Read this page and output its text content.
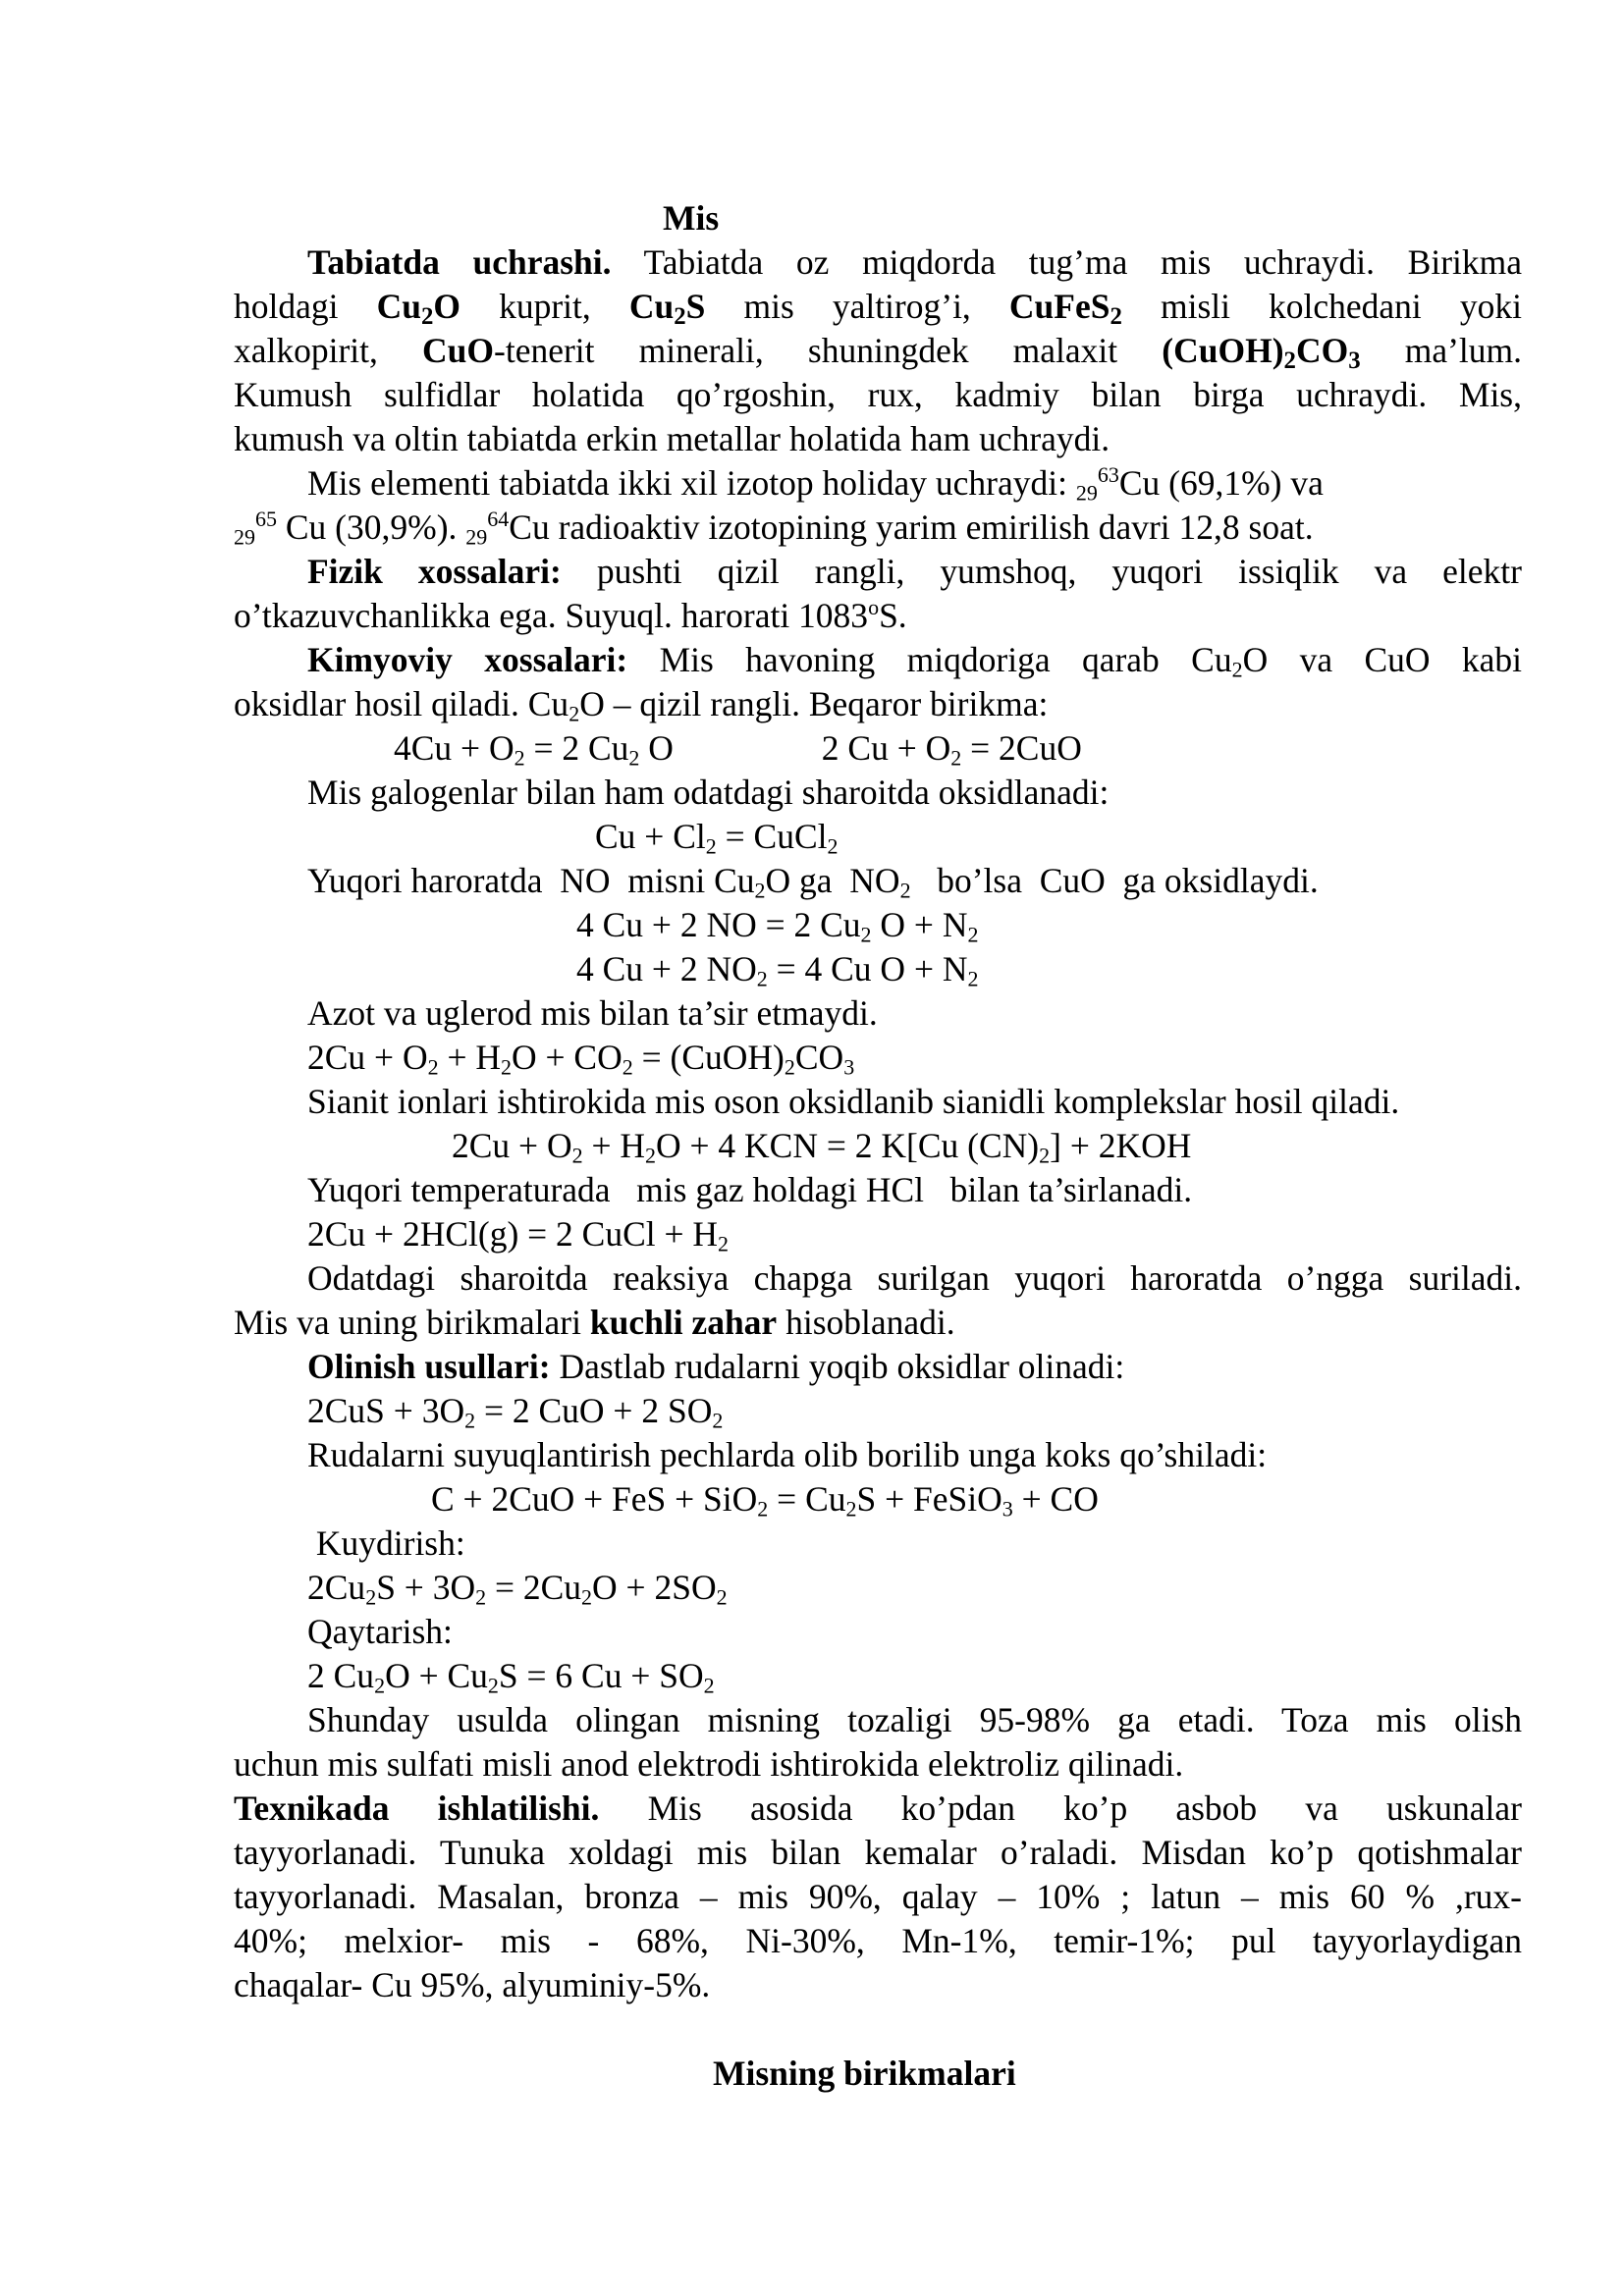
Mis

Tabiatda uchrashi. Tabiatda oz miqdorda tug’ma mis uchraydi. Birikma

holdagi $Cu_2O$ kuprit, $Cu_2S$ mis yaltirog’i, CuFeS$_2$ misli kolchedani yoki

xalkopirit, CuO-tenerit minerali, shuningdek malaxit $(CuOH)_2CO_3$ ma’lum.

Kumush sulfidlar holatida qo’rgoshin, rux, kadmiy bilan birga uchraydi. Mis,

kumush va oltin tabiatda erkin metallar holatida ham uchraydi.

Mis elementi tabiatda ikki xil izotop holiday uchraydi: $_{29}^{63}$Cu (69,1%) va

$_{29}^{65}$ Cu (30,9%). $_{29}^{64}$Cu radioaktiv izotopining yarim emirilish davri 12,8 soat.

Fizik xossalari: pushti qizil rangli, yumshoq, yuqori issiqlik va elektr

o’tkazuvchanlikka ega. Suyuql. harorati 1083$^o$S.

Kimyoviy xossalari: Mis havoning miqdoriga qarab $Cu_2O$ va CuO kabi

oksidlar hosil qiladi. $Cu_2O$ – qizil rangli. Beqaror birikma:

$4Cu + O_2 = 2$ $Cu_2$ O                 2 $Cu + O_2 = 2CuO$

Mis galogenlar bilan ham odatdagi sharoitda oksidlanadi:

$Cu + Cl_2$ = CuCl$_2$

Yuqori haroratda  NO  misni $Cu_2O$ ga  $NO_2$   bo’lsa  CuO  ga oksidlaydi.

4 Cu + 2 NO = 2 $Cu_2$ $O + N_2$

4 Cu + 2 $NO_2 = 4$ Cu $O + N_2$

Azot va uglerod mis bilan ta’sir etmaydi.

$2Cu + O_2 + H_2O + CO_2$ = $(CuOH)_2CO_3$

Sianit ionlari ishtirokida mis oson oksidlanib sianidli komplekslar hosil qiladi.

$2Cu + O_2 + H_2O + 4$ KCN = 2 K[Cu $(CN)_2] + 2KOH$

Yuqori temperaturada   mis gaz holdagi HCl   bilan ta’sirlanadi.

2Cu + 2HCl(g) = 2 CuCl + $H_2$

Odatdagi sharoitda reaksiya chapga surilgan yuqori haroratda o’ngga suriladi.

Mis va uning birikmalari kuchli zahar hisoblanadi.

Olinish usullari: Dastlab rudalarni yoqib oksidlar olinadi:

$2CuS + 3O_2 = 2$ CuO + 2 $SO_2$

Rudalarni suyuqlantirish pechlarda olib borilib unga koks qo’shiladi:

C + 2CuO + FeS + $SiO_2 = Cu_2S$ + FeSiO$_3$ + CO

Kuydirish:

$2Cu_2S + 3O_2 = 2Cu_2O + 2SO_2$

Qaytarish:

2 $Cu_2O + Cu_2S = 6$ $Cu + SO_2$

Shunday usulda olingan misning tozaligi 95-98% ga etadi. Toza mis olish

uchun mis sulfati misli anod elektrodi ishtirokida elektroliz qilinadi.

Texnikada ishlatilishi. Mis asosida ko’pdan ko’p asbob va uskunalar

tayyorlanadi. Tunuka xoldagi mis bilan kemalar o’raladi. Misdan ko’p qotishmalar

tayyorlanadi. Masalan, bronza – mis 90%, qalay – 10% ; latun – mis 60 % ,rux-

40%; melxior- mis - 68%, Ni-30%, Mn-1%, temir-1%; pul tayyorlaydigan

chaqalar- Cu 95%, alyuminiy-5%.

Misning birikmalari
